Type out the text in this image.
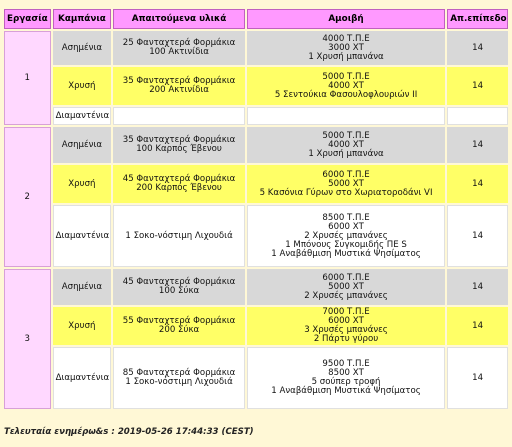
Εργασία	Καμπάνια	Απαιτούμενα υλικά	Αμοιβή	Απ.επίπεδο
1	Ασημένια	25 Φανταχτερά Φορμάκια
100 Ακτινίδια	4000 Τ.Π.Ε
3000 ΧΤ
1 Χρυσή μπανάνα	14
	Χρυσή	35 Φανταχτερά Φορμάκια
200 Ακτινίδια	5000 Τ.Π.Ε
4000 ΧΤ
5 Σεντούκια Φασουλοφλουριών ΙΙ	14
	Διαμαντένια			
2	Ασημένια	35 Φανταχτερά Φορμάκια
100 Καρπός Έβενου	5000 Τ.Π.Ε
4000 ΧΤ
1 Χρυσή μπανάνα	14
	Χρυσή	45 Φανταχτερά Φορμάκια
200 Καρπός Έβενου	6000 Τ.Π.Ε
5000 ΧΤ
5 Κασόνια Γύρων στο Χωριατοροδάνι VI	14
	Διαμαντένια	1 Σοκο-νόστιμη Λιχουδιά	8500 Τ.Π.Ε
6000 ΧΤ
2 Χρυσές μπανάνες
1 Μπόνους Συγκομιδής ΠΕ S
1 Αναβάθμιση Μυστικά Ψησίματος	14
3	Ασημένια	45 Φανταχτερά Φορμάκια
100 Σύκα	6000 Τ.Π.Ε
5000 ΧΤ
2 Χρυσές μπανάνες	14
	Χρυσή	55 Φανταχτερά Φορμάκια
200 Σύκα	7000 Τ.Π.Ε
6000 ΧΤ
3 Χρυσές μπανάνες
2 Πάρτυ γύρου	14
	Διαμαντένια	85 Φανταχτερά Φορμάκια
1 Σοκο-νόστιμη Λιχουδιά	9500 Τ.Π.Ε
8500 ΧΤ
5 σούπερ τροφή
1 Αναβάθμιση Μυστικά Ψησίματος	14
Τελευταία ενημέρω&s : 2019-05-26 17:44:33 (CEST)
